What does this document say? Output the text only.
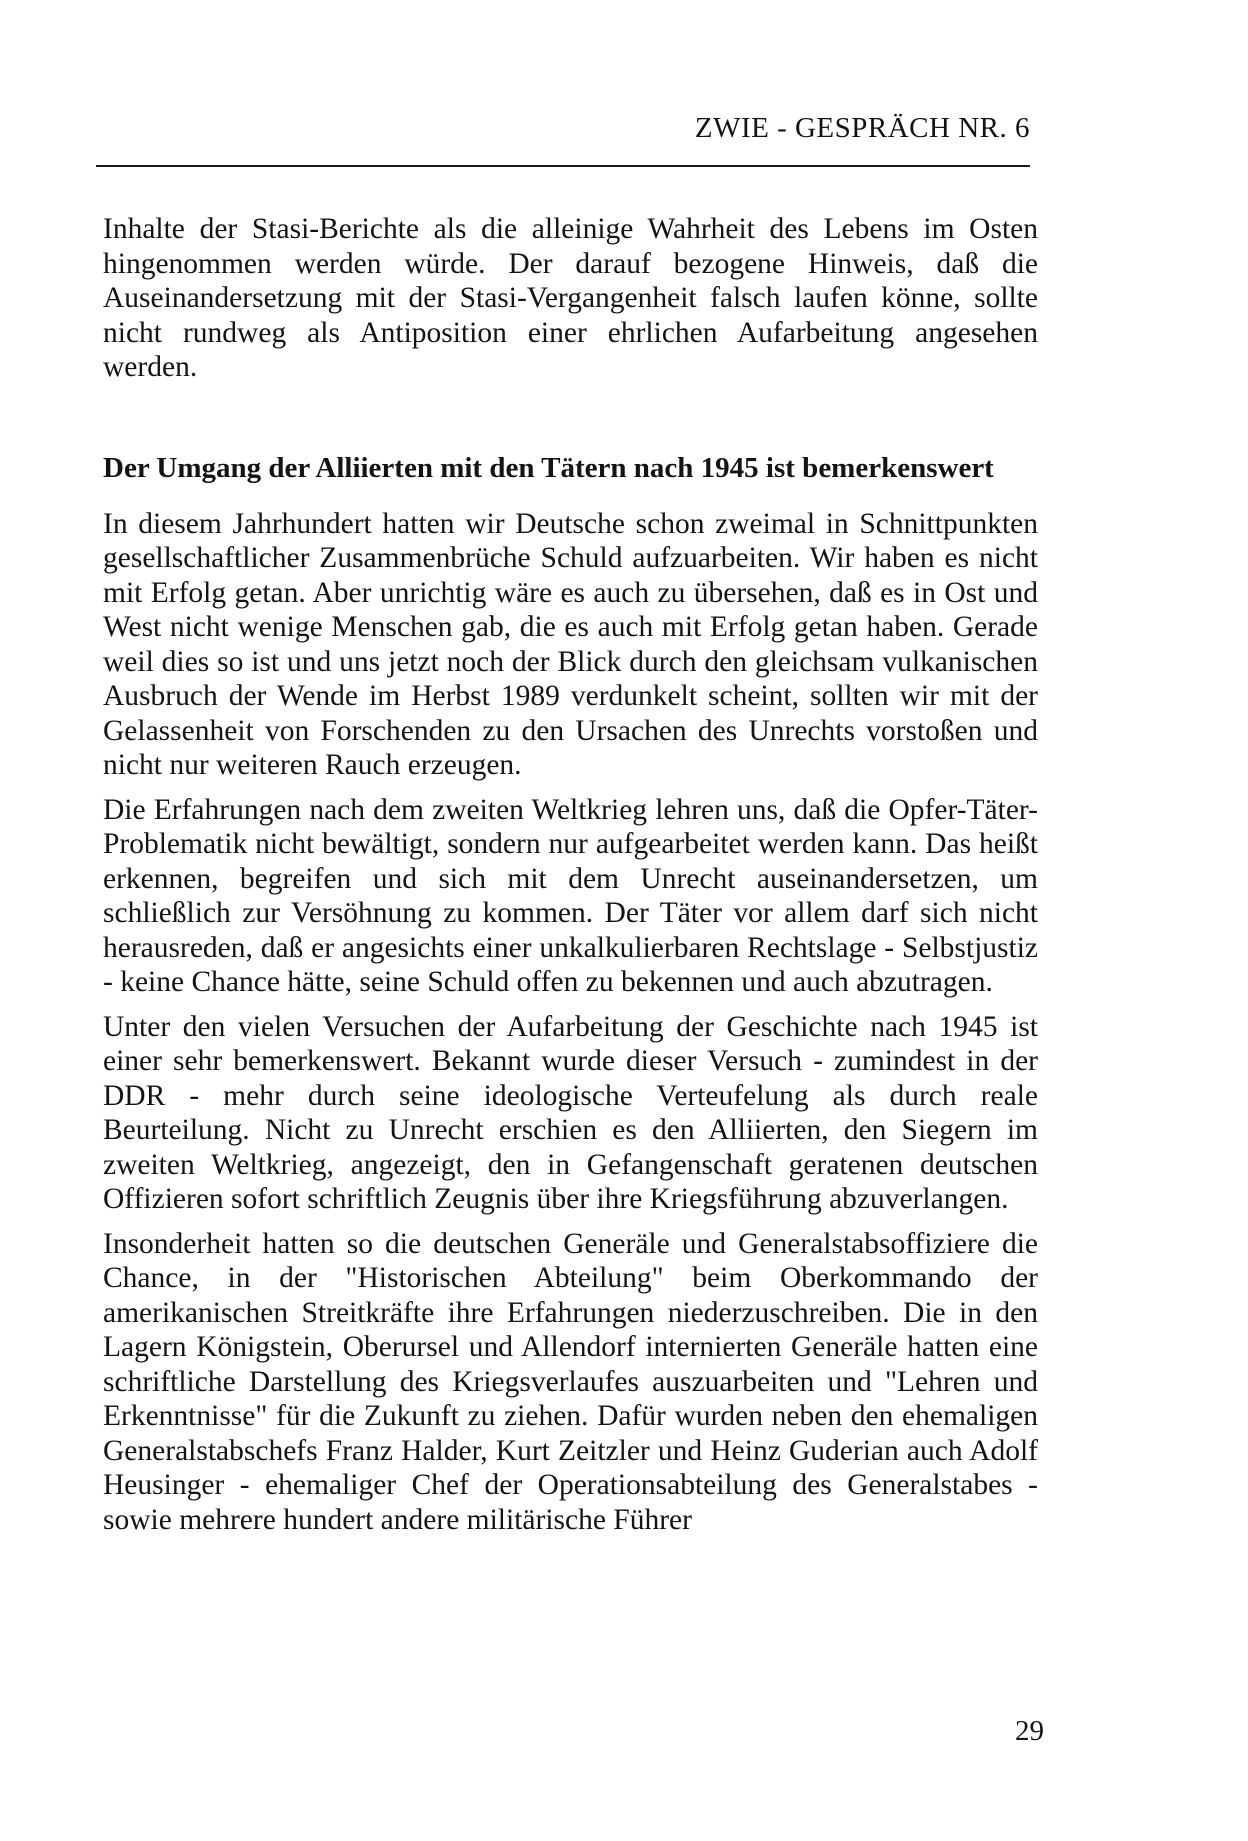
ZWIE - GESPRÄCH NR. 6

Inhalte der Stasi-Berichte als die alleinige Wahrheit des Lebens im Osten hingenommen werden würde. Der darauf bezogene Hinweis, daß die Auseinandersetzung mit der Stasi-Vergangenheit falsch laufen könne, sollte nicht rundweg als Antiposition einer ehrlichen Aufarbeitung angesehen werden.

Der Umgang der Alliierten mit den Tätern nach 1945 ist bemerkenswert

In diesem Jahrhundert hatten wir Deutsche schon zweimal in Schnittpunkten gesellschaftlicher Zusammenbrüche Schuld aufzuarbeiten. Wir haben es nicht mit Erfolg getan. Aber unrichtig wäre es auch zu übersehen, daß es in Ost und West nicht wenige Menschen gab, die es auch mit Erfolg getan haben. Gerade weil dies so ist und uns jetzt noch der Blick durch den gleichsam vulkanischen Ausbruch der Wende im Herbst 1989 verdunkelt scheint, sollten wir mit der Gelassenheit von Forschenden zu den Ursachen des Unrechts vorstoßen und nicht nur weiteren Rauch erzeugen.

Die Erfahrungen nach dem zweiten Weltkrieg lehren uns, daß die Opfer-Täter-Problematik nicht bewältigt, sondern nur aufgearbeitet werden kann. Das heißt erkennen, begreifen und sich mit dem Unrecht auseinandersetzen, um schließlich zur Versöhnung zu kommen. Der Täter vor allem darf sich nicht herausreden, daß er angesichts einer unkalkulierbaren Rechtslage - Selbstjustiz - keine Chance hätte, seine Schuld offen zu bekennen und auch abzutragen.

Unter den vielen Versuchen der Aufarbeitung der Geschichte nach 1945 ist einer sehr bemerkenswert. Bekannt wurde dieser Versuch - zumindest in der DDR - mehr durch seine ideologische Verteufelung als durch reale Beurteilung. Nicht zu Unrecht erschien es den Alliierten, den Siegern im zweiten Weltkrieg, angezeigt, den in Gefangenschaft geratenen deutschen Offizieren sofort schriftlich Zeugnis über ihre Kriegsführung abzuverlangen.

Insonderheit hatten so die deutschen Generäle und Generalstabsoffiziere die Chance, in der "Historischen Abteilung" beim Oberkommando der amerikanischen Streitkräfte ihre Erfahrungen niederzuschreiben. Die in den Lagern Königstein, Oberursel und Allendorf internierten Generäle hatten eine schriftliche Darstellung des Kriegsverlaufes auszuarbeiten und "Lehren und Erkenntnisse" für die Zukunft zu ziehen. Dafür wurden neben den ehemaligen Generalstabschefs Franz Halder, Kurt Zeitzler und Heinz Guderian auch Adolf Heusinger - ehemaliger Chef der Operationsabteilung des Generalstabes - sowie mehrere hundert andere militärische Führer

29
